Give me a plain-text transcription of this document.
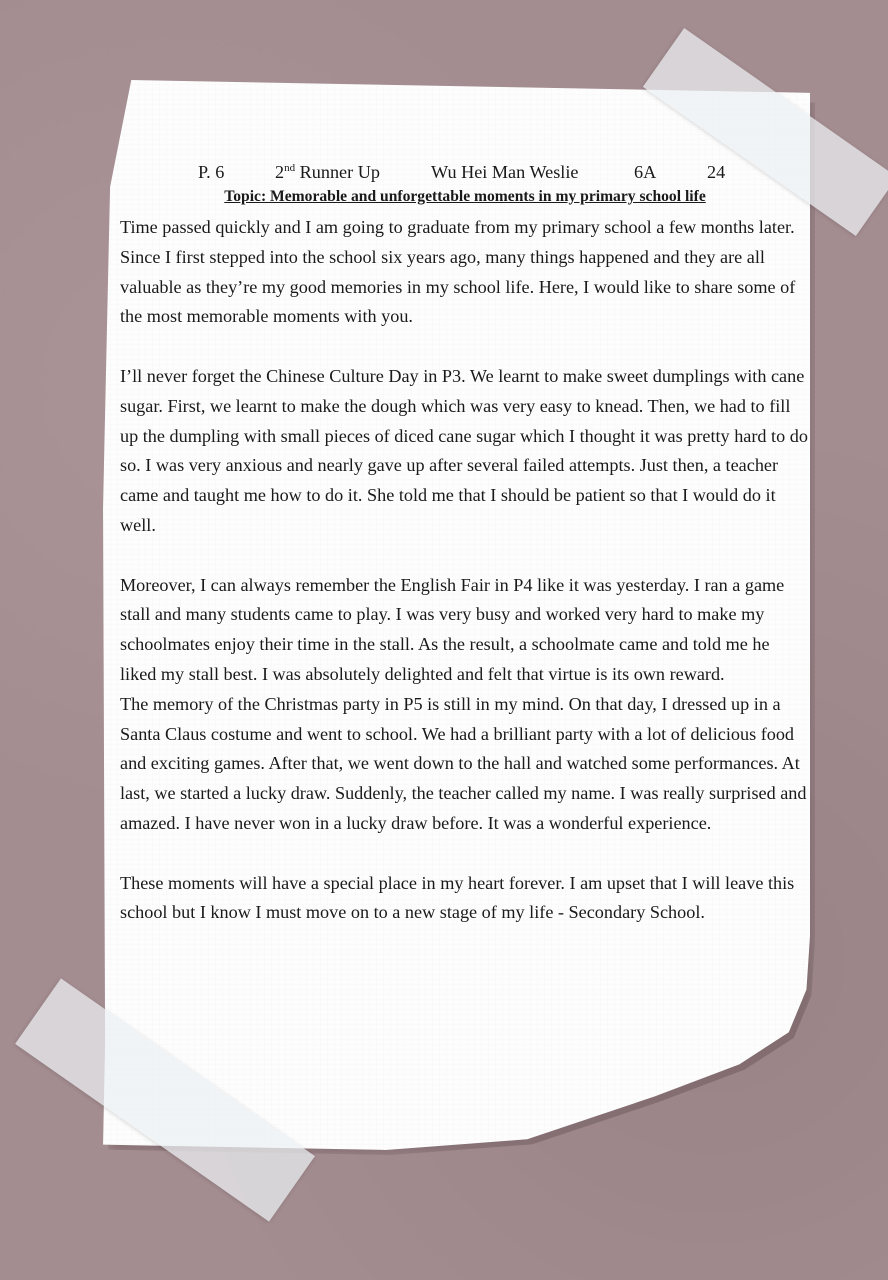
P. 6	2nd Runner Up	Wu Hei Man Weslie	6A	24
Topic: Memorable and unforgettable moments in my primary school life

Time passed quickly and I am going to graduate from my primary school a few months later. Since I first stepped into the school six years ago, many things happened and they are all valuable as they’re my good memories in my school life. Here, I would like to share some of the most memorable moments with you.

I’ll never forget the Chinese Culture Day in P3. We learnt to make sweet dumplings with cane sugar. First, we learnt to make the dough which was very easy to knead. Then, we had to fill up the dumpling with small pieces of diced cane sugar which I thought it was pretty hard to do so. I was very anxious and nearly gave up after several failed attempts. Just then, a teacher came and taught me how to do it. She told me that I should be patient so that I would do it well.

Moreover, I can always remember the English Fair in P4 like it was yesterday. I ran a game stall and many students came to play. I was very busy and worked very hard to make my schoolmates enjoy their time in the stall. As the result, a schoolmate came and told me he liked my stall best. I was absolutely delighted and felt that virtue is its own reward.

The memory of the Christmas party in P5 is still in my mind. On that day, I dressed up in a Santa Claus costume and went to school. We had a brilliant party with a lot of delicious food and exciting games. After that, we went down to the hall and watched some performances. At last, we started a lucky draw. Suddenly, the teacher called my name. I was really surprised and amazed. I have never won in a lucky draw before. It was a wonderful experience.

These moments will have a special place in my heart forever. I am upset that I will leave this school but I know I must move on to a new stage of my life - Secondary School.
